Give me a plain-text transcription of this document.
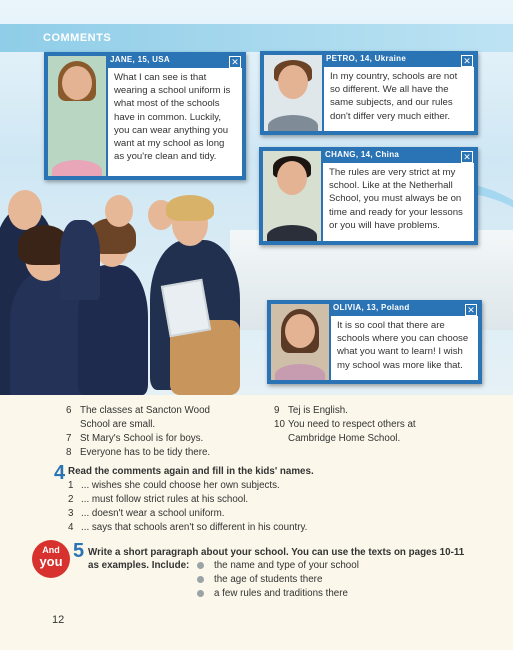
COMMENTS
JANE, 15, USA	✕
What I can see is that wearing a school uniform is what most of the schools have in common. Luckily, you can wear anything you want at my school as long as you're clean and tidy.
PETRO, 14, Ukraine	✕
In my country, schools are not so different. We all have the same subjects, and our rules don't differ very much either.
CHANG, 14, China	✕
The rules are very strict at my school. Like at the Netherhall School, you must always be on time and ready for your lessons or you will have problems.
OLIVIA, 13, Poland	✕
It is so cool that there are schools where you can choose what you want to learn! I wish my school was more like that.
6 The classes at Sancton Wood School are small.
7 St Mary's School is for boys.
8 Everyone has to be tidy there.
9 Tej is English.
10 You need to respect others at Cambridge Home School.
4 Read the comments again and fill in the kids' names.
1 ... wishes she could choose her own subjects.
2 ... must follow strict rules at his school.
3 ... doesn't wear a school uniform.
4 ... says that schools aren't so different in his country.
And
you 5 Write a short paragraph about your school. You can use the texts on pages 10-11
as examples. Include:	the name and type of your school
the age of students there
a few rules and traditions there
12
